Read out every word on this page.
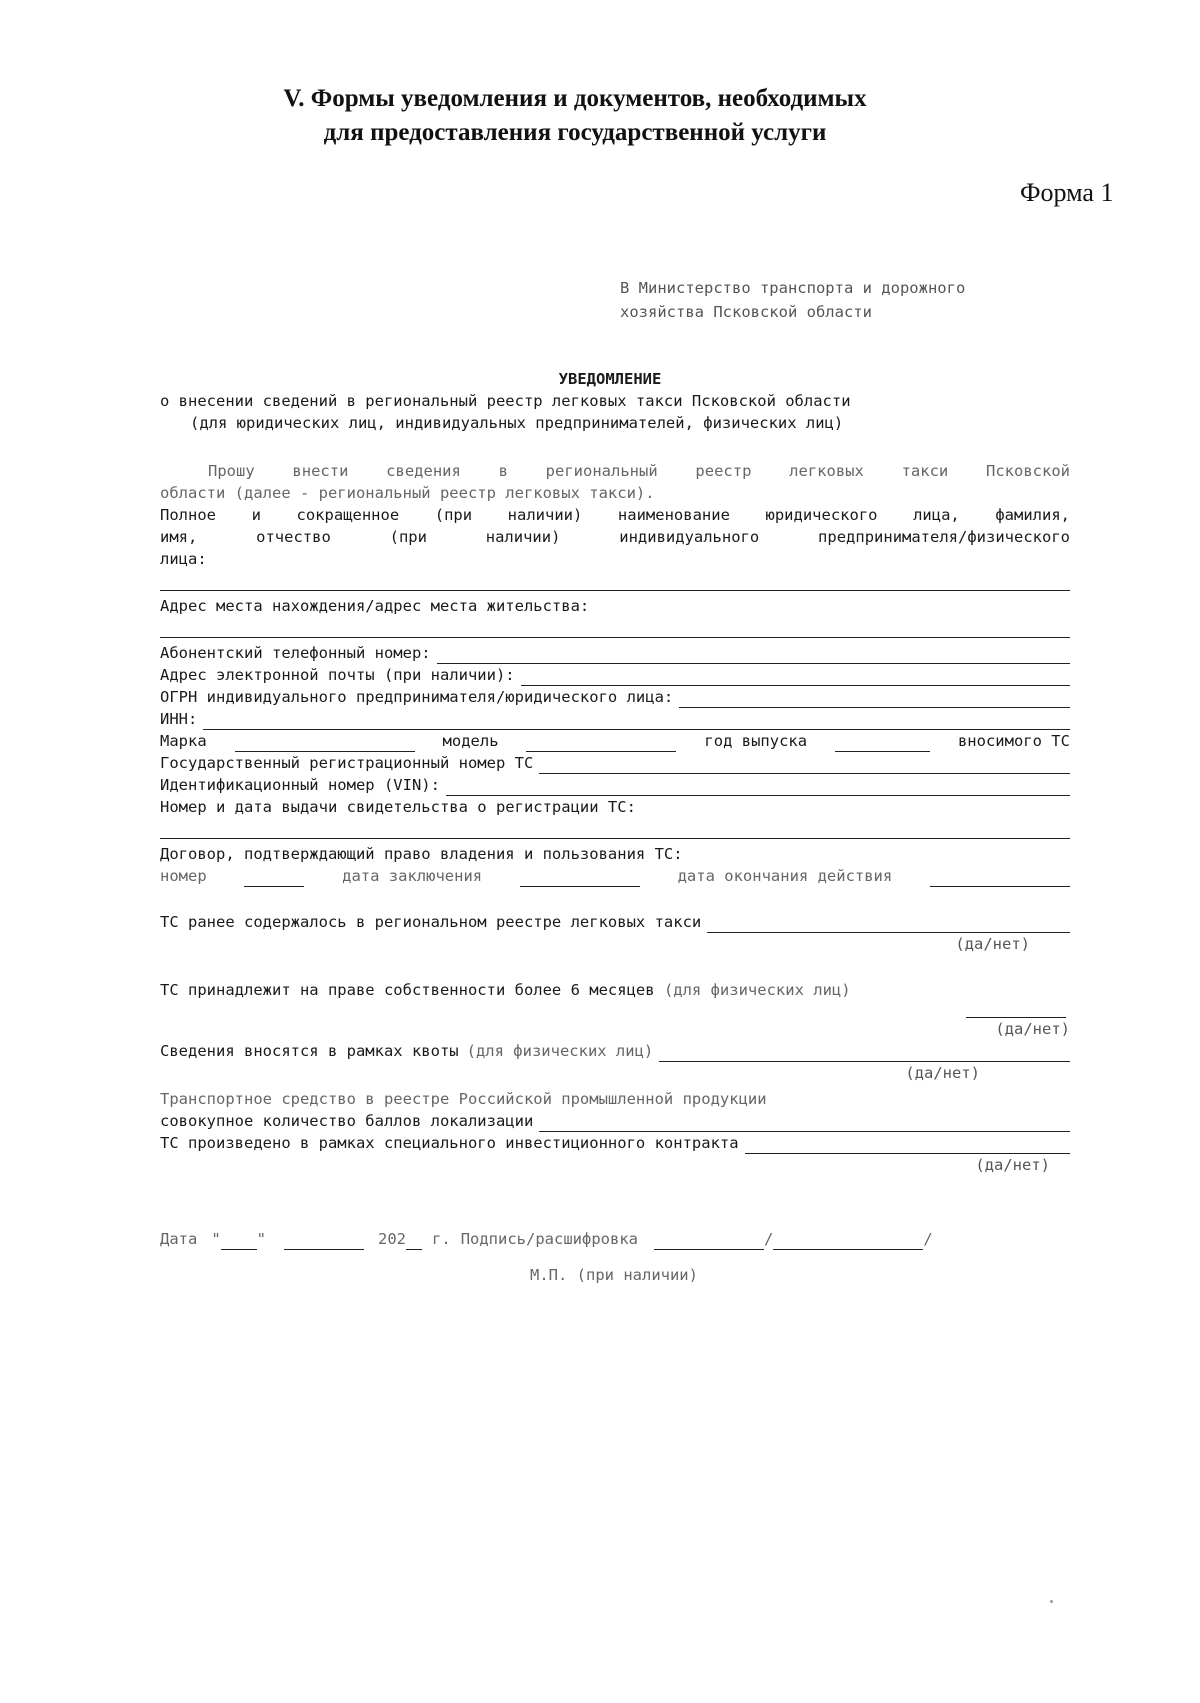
V. Формы уведомления и документов, необходимых
для предоставления государственной услуги
Форма 1
В Министерство транспорта и дорожного
хозяйства Псковской области
УВЕДОМЛЕНИЕ
о внесении сведений в региональный реестр легковых такси Псковской области
(для юридических лиц, индивидуальных предпринимателей, физических лиц)
Прошу внести сведения в региональный реестр легковых такси Псковской
области (далее - региональный реестр легковых такси).
Полное и сокращенное (при наличии) наименование юридического лица, фамилия,
имя, отчество (при наличии) индивидуального предпринимателя/физического
лица:
Адрес места нахождения/адрес места жительства:
Абонентский телефонный номер:
Адрес электронной почты (при наличии):
ОГРН индивидуального предпринимателя/юридического лица:
ИНН:
Марка	модель	год выпуска	вносимого ТС
Государственный регистрационный номер ТС
Идентификационный номер (VIN):
Номер и дата выдачи свидетельства о регистрации ТС:
Договор, подтверждающий право владения и пользования ТС:
номер	дата заключения	дата окончания действия
ТС ранее содержалось в региональном реестре легковых такси
(да/нет)
ТС принадлежит на праве собственности более 6 месяцев (для физических лиц)
(да/нет)
Сведения вносятся в рамках квоты (для физических лиц)
(да/нет)
Транспортное средство в реестре Российской промышленной продукции
совокупное количество баллов локализации
ТС произведено в рамках специального инвестиционного контракта
(да/нет)
Дата " "	202 г. Подпись/расшифровка	/	/
М.П. (при наличии)
